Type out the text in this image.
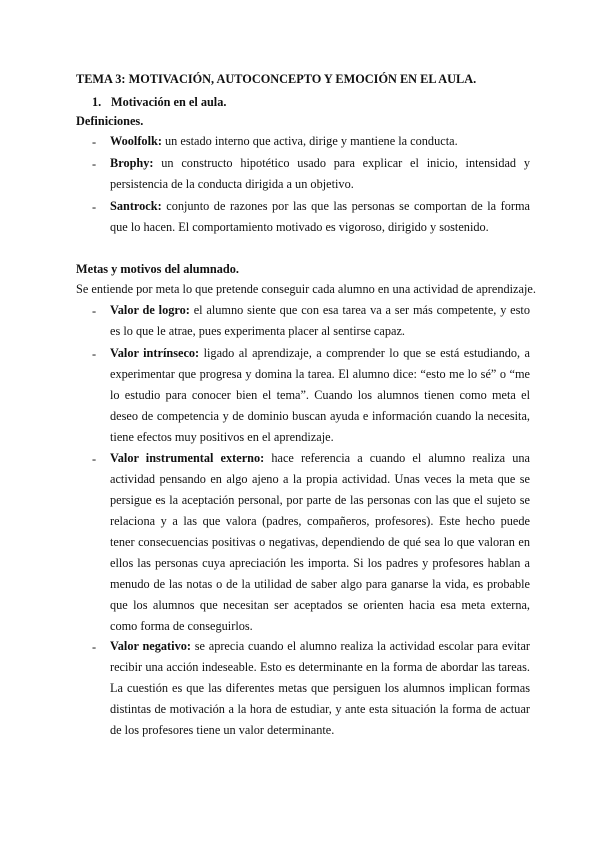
TEMA 3: MOTIVACIÓN, AUTOCONCEPTO Y EMOCIÓN EN EL AULA.
1. Motivación en el aula.
Definiciones.
- Woolfolk: un estado interno que activa, dirige y mantiene la conducta.
- Brophy: un constructo hipotético usado para explicar el inicio, intensidad y persistencia de la conducta dirigida a un objetivo.
- Santrock: conjunto de razones por las que las personas se comportan de la forma que lo hacen. El comportamiento motivado es vigoroso, dirigido y sostenido.
Metas y motivos del alumnado.
Se entiende por meta lo que pretende conseguir cada alumno en una actividad de aprendizaje.
- Valor de logro: el alumno siente que con esa tarea va a ser más competente, y esto es lo que le atrae, pues experimenta placer al sentirse capaz.
- Valor intrínseco: ligado al aprendizaje, a comprender lo que se está estudiando, a experimentar que progresa y domina la tarea. El alumno dice: “esto me lo sé” o “me lo estudio para conocer bien el tema”. Cuando los alumnos tienen como meta el deseo de competencia y de dominio buscan ayuda e información cuando la necesita, tiene efectos muy positivos en el aprendizaje.
- Valor instrumental externo: hace referencia a cuando el alumno realiza una actividad pensando en algo ajeno a la propia actividad. Unas veces la meta que se persigue es la aceptación personal, por parte de las personas con las que el sujeto se relaciona y a las que valora (padres, compañeros, profesores). Este hecho puede tener consecuencias positivas o negativas, dependiendo de qué sea lo que valoran en ellos las personas cuya apreciación les importa. Si los padres y profesores hablan a menudo de las notas o de la utilidad de saber algo para ganarse la vida, es probable que los alumnos que necesitan ser aceptados se orienten hacia esa meta externa, como forma de conseguirlos.
- Valor negativo: se aprecia cuando el alumno realiza la actividad escolar para evitar recibir una acción indeseable. Esto es determinante en la forma de abordar las tareas. La cuestión es que las diferentes metas que persiguen los alumnos implican formas distintas de motivación a la hora de estudiar, y ante esta situación la forma de actuar de los profesores tiene un valor determinante.
